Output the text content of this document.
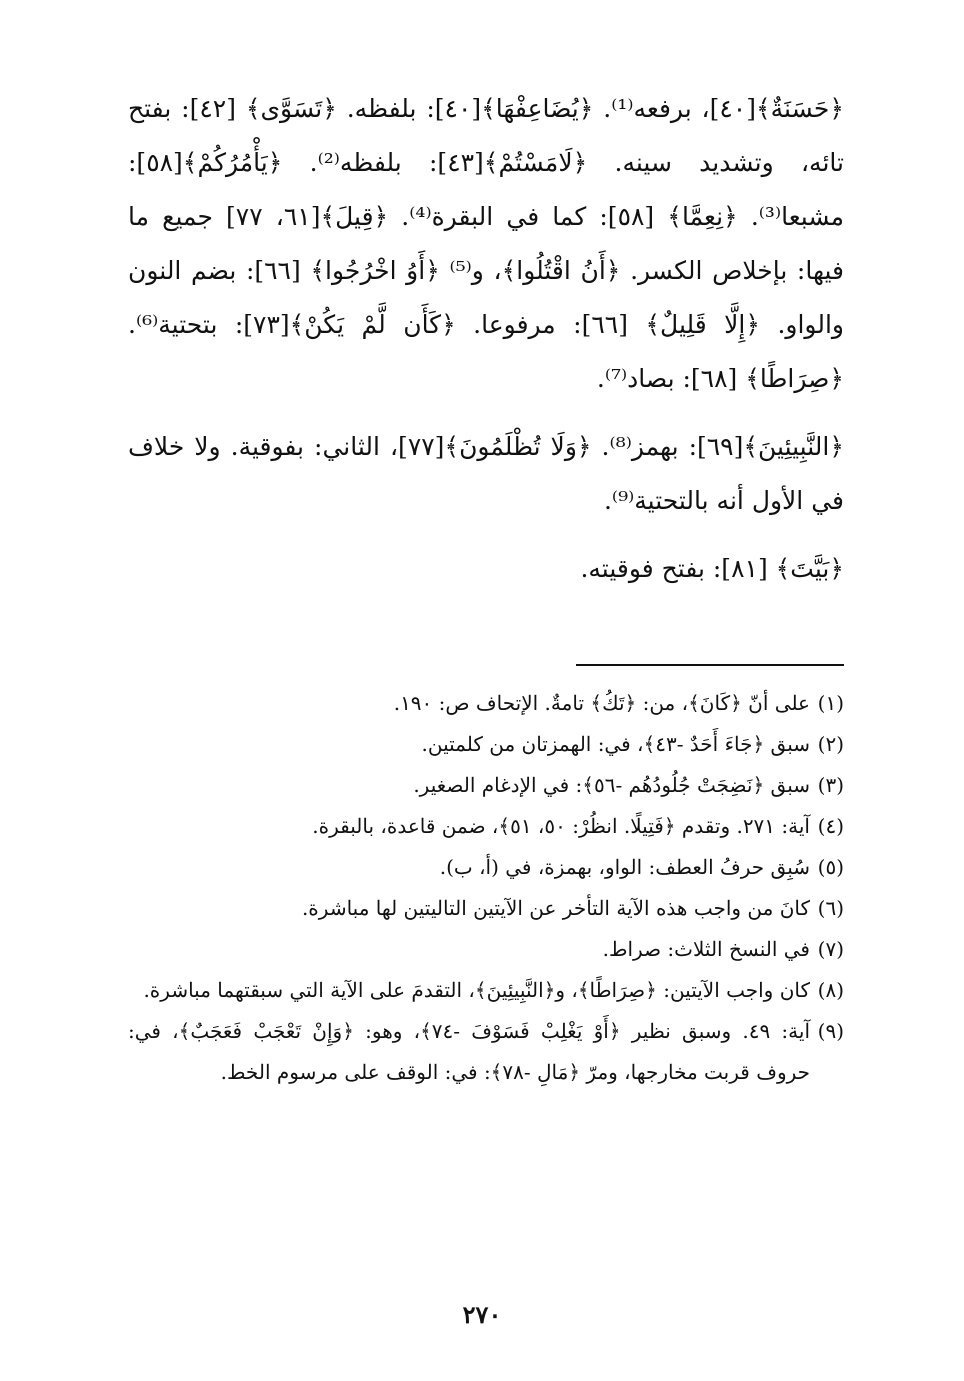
﴿حَسَنَةٌ﴾[٤٠]، برفعه⁽¹⁾. ﴿يُضَاعِفْهَا﴾[٤٠]: بلفظه. ﴿تَسَوَّى﴾ [٤٢]: بفتح تائه، وتشديد سينه. ﴿لَامَسْتُمْ﴾[٤٣]: بلفظه⁽²⁾. ﴿يَأْمُرُكُمْ﴾[٥٨]: مشبعا⁽³⁾. ﴿نِعِمَّا﴾ [٥٨]: كما في البقرة⁽⁴⁾. ﴿قِيلَ﴾[٦١، ٧٧] جميع ما فيها: بإخلاص الكسر. ﴿أَنُ اقْتُلُوا﴾، و⁽⁵⁾ ﴿أَوُ اخْرُجُوا﴾ [٦٦]: بضم النون والواو. ﴿إِلَّا قَلِيلٌ﴾ [٦٦]: مرفوعا. ﴿كَأَن لَّمْ يَكُنْ﴾[٧٣]: بتحتية⁽⁶⁾. ﴿صِرَاطًا﴾ [٦٨]: بصاد⁽⁷⁾.

﴿النَّبِيئِينَ﴾[٦٩]: بهمز⁽⁸⁾. ﴿وَلَا تُظْلَمُونَ﴾[٧٧]، الثاني: بفوقية. ولا خلاف في الأول أنه بالتحتية⁽⁹⁾.

﴿بَيَّتَ﴾ [٨١]: بفتح فوقيته.

(١)
على أنّ ﴿كَانَ﴾، من: ﴿تَكُ﴾ تامةٌ. الإتحاف ص: ١٩٠.

(٢)
سبق ﴿جَاءَ أَحَدٌ -٤٣﴾، في: الهمزتان من كلمتين.

(٣)
سبق ﴿نَضِجَتْ جُلُودُهُم -٥٦﴾: في الإدغام الصغير.

(٤)
آية: ٢٧١. وتقدم ﴿فَتِيلًا. انظُرْ: ٥٠، ٥١﴾، ضمن قاعدة، بالبقرة.

(٥)
سُبِق حرفُ العطف: الواو، بهمزة، في (أ، ب).

(٦)
كانَ من واجب هذه الآية التأخر عن الآيتين التاليتين لها مباشرة.

(٧)
في النسخ الثلاث: صراط.

(٨)
كان واجب الآيتين: ﴿صِرَاطًا﴾، و﴿النَّبِيئِينَ﴾، التقدمَ على الآية التي سبقتهما مباشرة.

(٩)
آية: ٤٩. وسبق نظير ﴿أَوْ يَغْلِبْ فَسَوْفَ -٧٤﴾، وهو: ﴿وَإِنْ تَعْجَبْ فَعَجَبٌ﴾، في: حروف قربت مخارجها، ومرّ ﴿مَالِ -٧٨﴾: في: الوقف على مرسوم الخط.

٢٧٠
